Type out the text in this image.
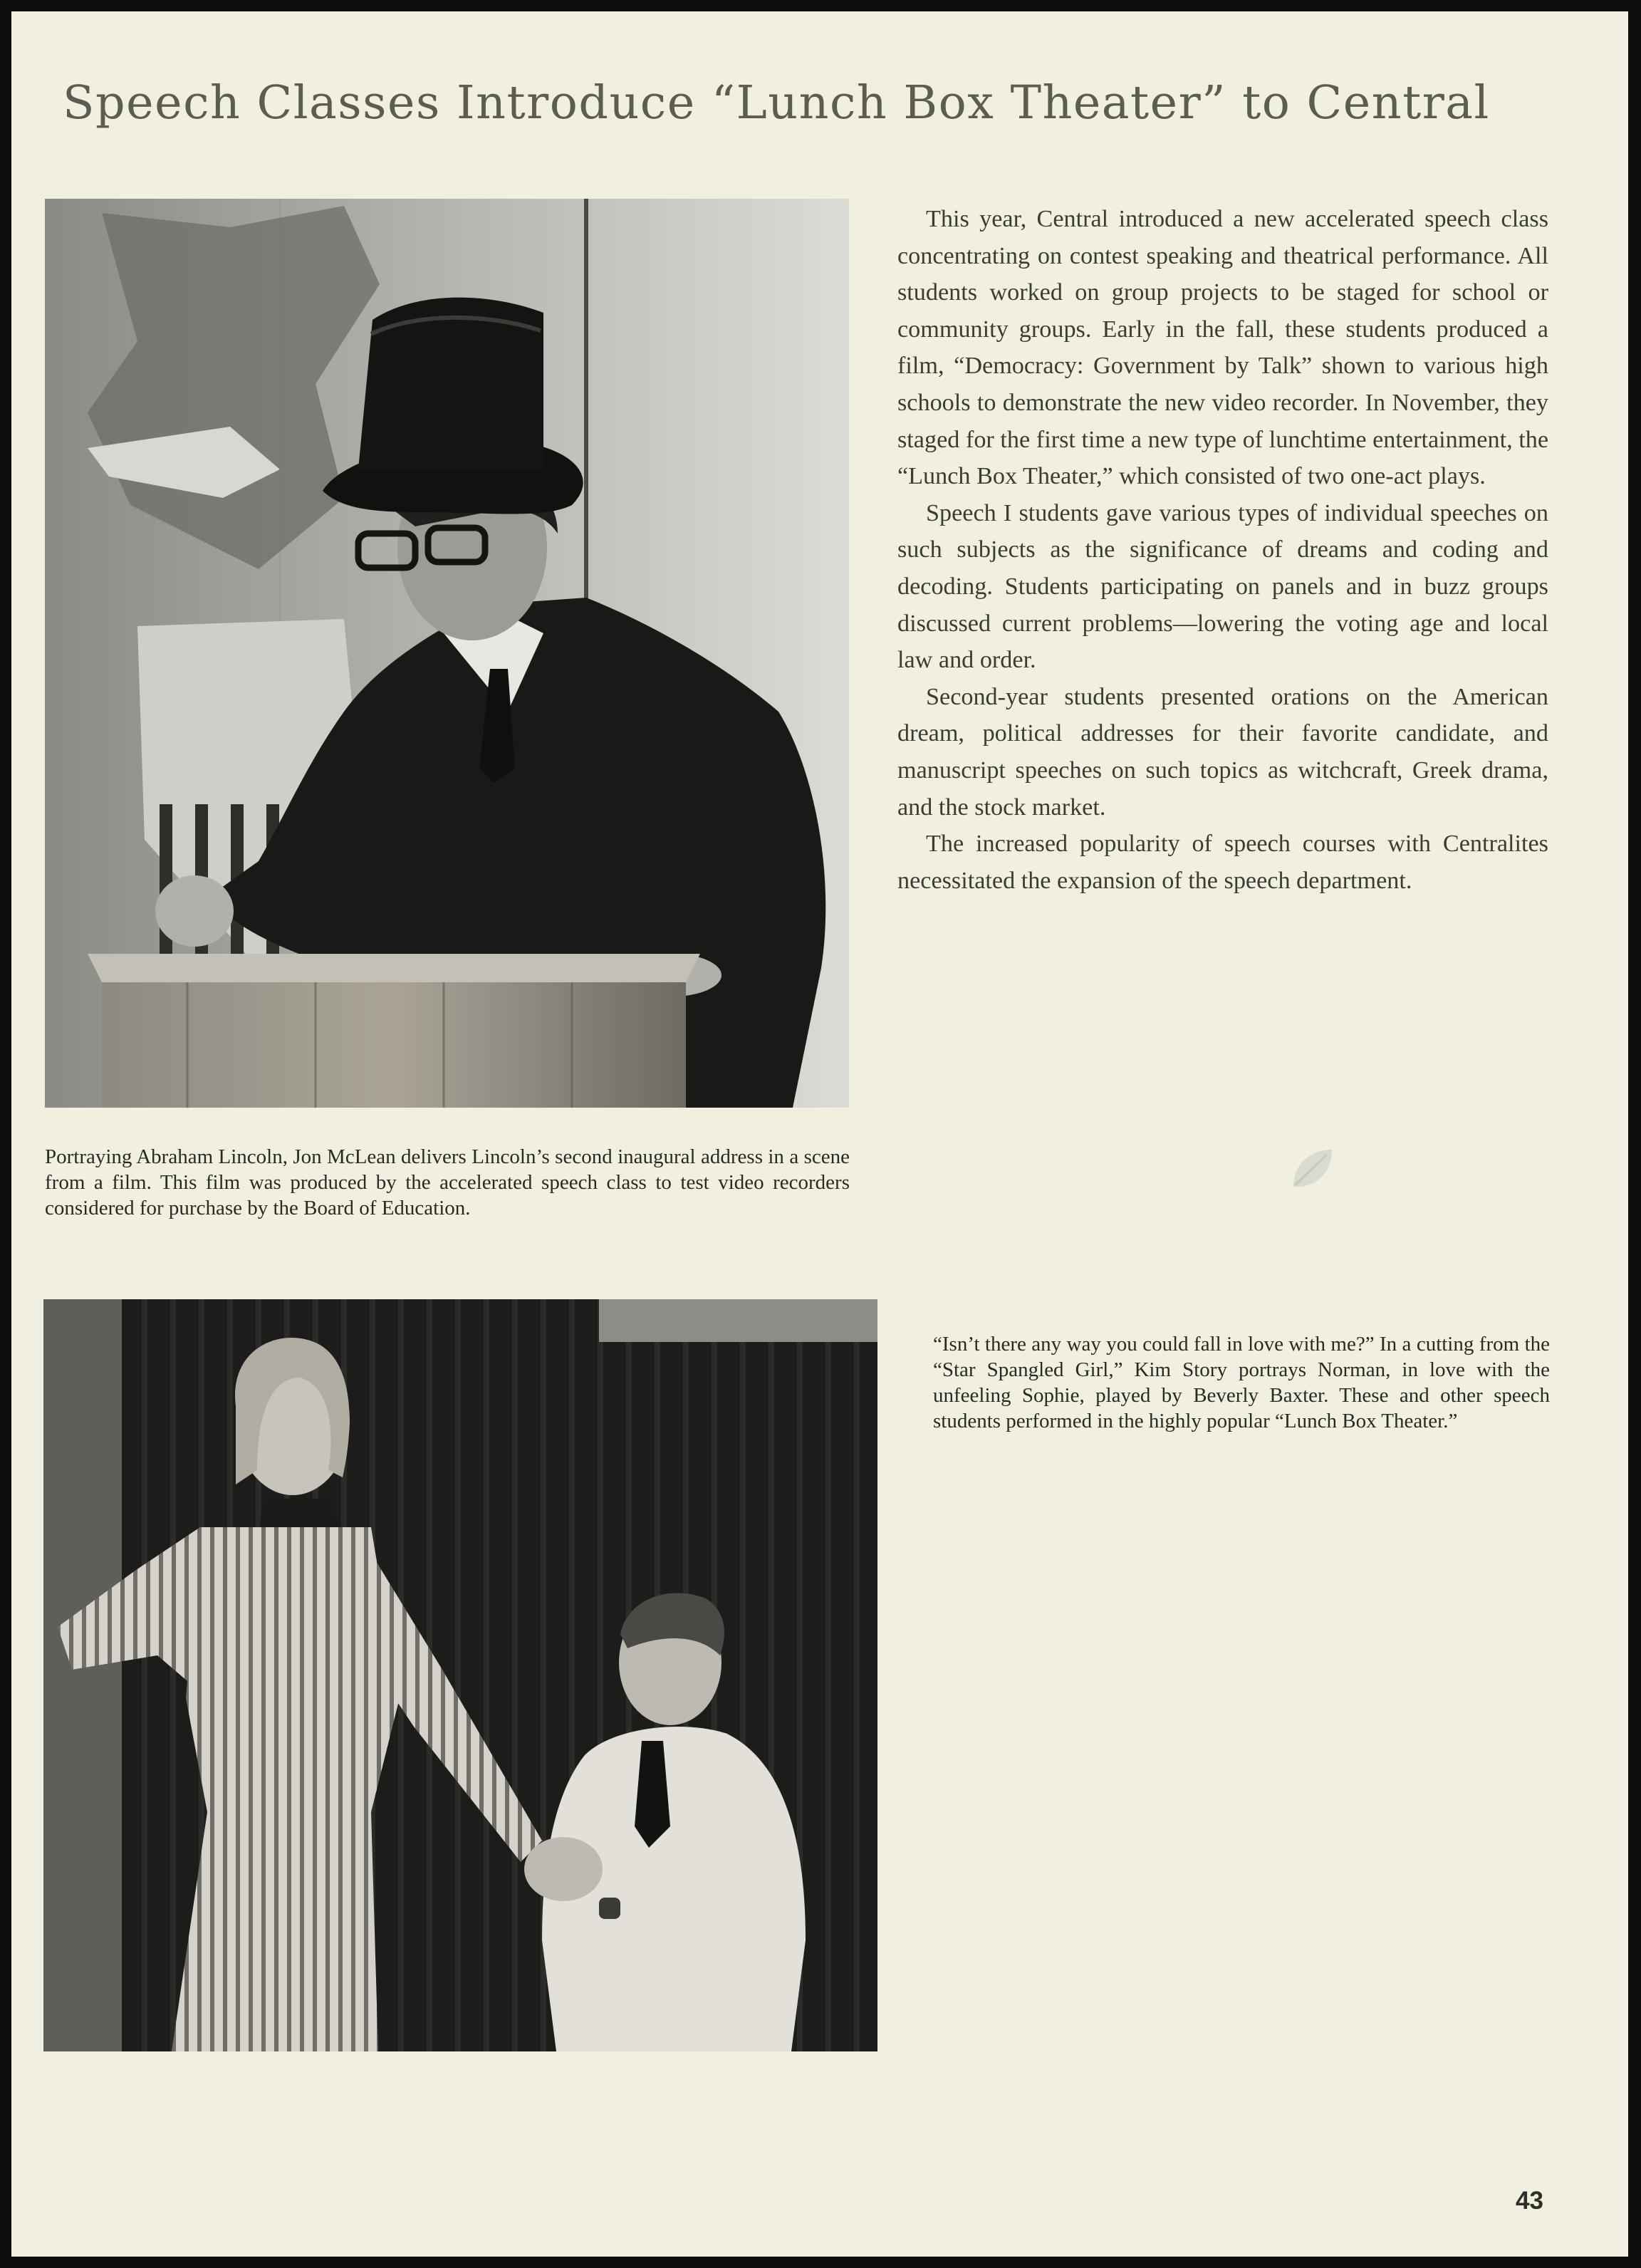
Speech Classes Introduce “Lunch Box Theater” to Central
Portraying Abraham Lincoln, Jon McLean delivers Lincoln’s second inaugural address in a scene from a film. This film was produced by the accelerated speech class to test video recorders considered for purchase by the Board of Education.

This year, Central introduced a new accelerated speech class concentrating on contest speaking and theatrical performance. All students worked on group projects to be staged for school or community groups. Early in the fall, these students produced a film, “Democracy: Government by Talk” shown to various high schools to demonstrate the new video recorder. In November, they staged for the first time a new type of lunchtime entertainment, the “Lunch Box Theater,” which consisted of two one-act plays.

Speech I students gave various types of individual speeches on such subjects as the significance of dreams and coding and decoding. Students participating on panels and in buzz groups discussed current problems—lowering the voting age and local law and order.

Second-year students presented orations on the American dream, political addresses for their favorite candidate, and manuscript speeches on such topics as witchcraft, Greek drama, and the stock market.

The increased popularity of speech courses with Centralites necessitated the expansion of the speech department.

“Isn’t there any way you could fall in love with me?” In a cutting from the “Star Spangled Girl,” Kim Story portrays Norman, in love with the unfeeling Sophie, played by Beverly Baxter. These and other speech students performed in the highly popular “Lunch Box Theater.”
43
